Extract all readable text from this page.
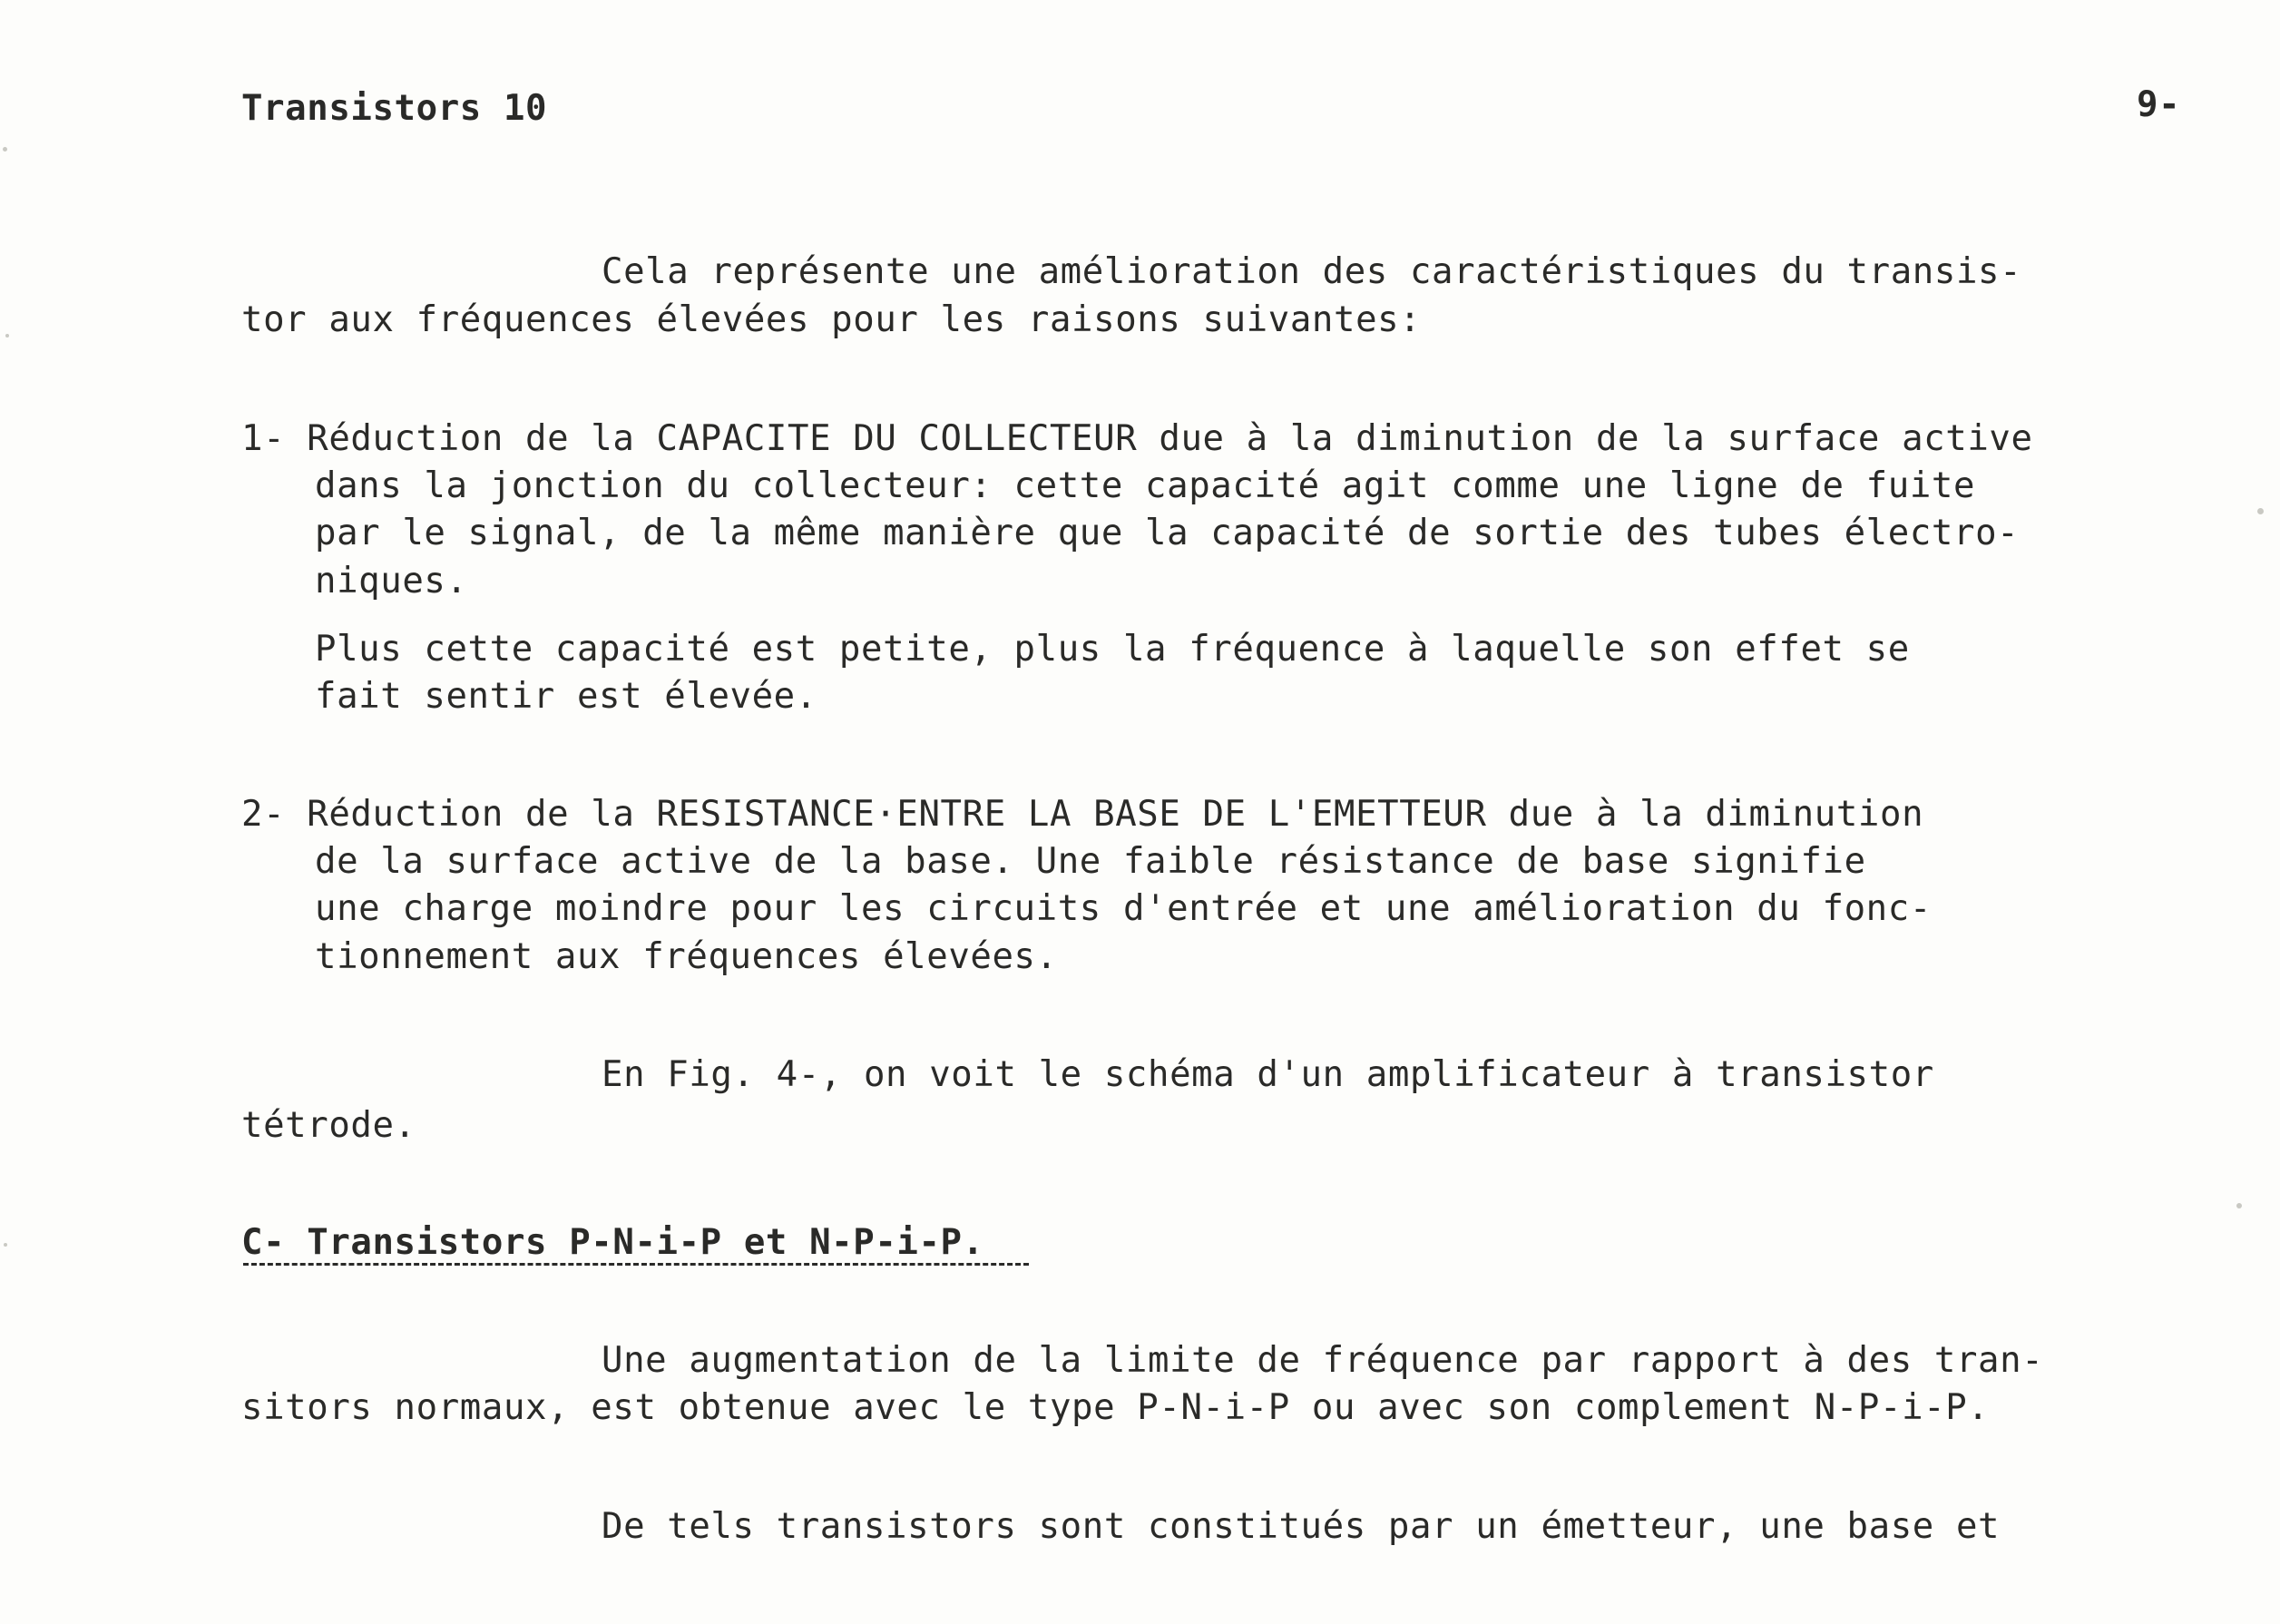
Transistors 10	9-
Cela représente une amélioration des caractéristiques du transis-
tor aux fréquences élevées pour les raisons suivantes:
1- Réduction de la CAPACITE DU COLLECTEUR due à la diminution de la surface active
dans la jonction du collecteur: cette capacité agit comme une ligne de fuite
par le signal, de la même manière que la capacité de sortie des tubes électro-
niques.
Plus cette capacité est petite, plus la fréquence à laquelle son effet se
fait sentir est élevée.
2- Réduction de la RESISTANCE·ENTRE LA BASE DE L'EMETTEUR due à la diminution
de la surface active de la base. Une faible résistance de base signifie
une charge moindre pour les circuits d'entrée et une amélioration du fonc-
tionnement aux fréquences élevées.
En Fig. 4-, on voit le schéma d'un amplificateur à transistor
tétrode.
C- Transistors P-N-i-P et N-P-i-P.
Une augmentation de la limite de fréquence par rapport à des tran-
sitors normaux, est obtenue avec le type P-N-i-P ou avec son complement N-P-i-P.
De tels transistors sont constitués par un émetteur, une base et
